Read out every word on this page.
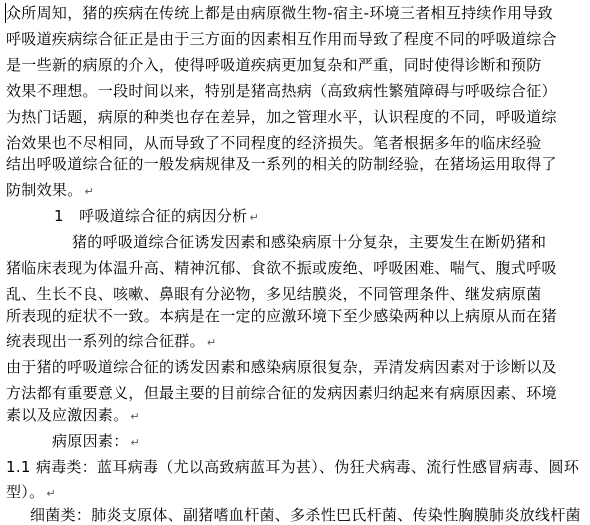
众所周知，猪的疾病在传统上都是由病原微生物-宿主-环境三者相互持续作用导致
呼吸道疾病综合征正是由于三方面的因素相互作用而导致了程度不同的呼吸道综合
是一些新的病原的介入，使得呼吸道疾病更加复杂和严重，同时使得诊断和预防
效果不理想。一段时间以来，特别是猪高热病（高致病性繁殖障碍与呼吸综合征）
为热门话题，病原的种类也存在差异，加之管理水平，认识程度的不同，呼吸道综
治效果也不尽相同，从而导致了不同程度的经济损失。笔者根据多年的临床经验
结出呼吸道综合征的一般发病规律及一系列的相关的防制经验，在猪场运用取得了
防制效果。 ↵
1　呼吸道综合征的病因分析 ↵
猪的呼吸道综合征诱发因素和感染病原十分复杂，主要发生在断奶猪和
猪临床表现为体温升高、精神沉郁、食欲不振或废绝、呼吸困难、喘气、腹式呼吸
乱、生长不良、咳嗽、鼻眼有分泌物，多见结膜炎，不同管理条件、继发病原菌
所表现的症状不一致。本病是在一定的应激环境下至少感染两种以上病原从而在猪
统表现出一系列的综合征群。 ↵
由于猪的呼吸道综合征的诱发因素和感染病原很复杂，弄清发病因素对于诊断以及
方法都有重要意义，但最主要的目前综合征的发病因素归纳起来有病原因素、环境
素以及应激因素。 ↵
病原因素： ↵
1.1 病毒类：蓝耳病毒（尤以高致病蓝耳为甚）、伪狂犬病毒、流行性感冒病毒、圆环
型）。 ↵
细菌类：肺炎支原体、副猪嗜血杆菌、多杀性巴氏杆菌、传染性胸膜肺炎放线杆菌
